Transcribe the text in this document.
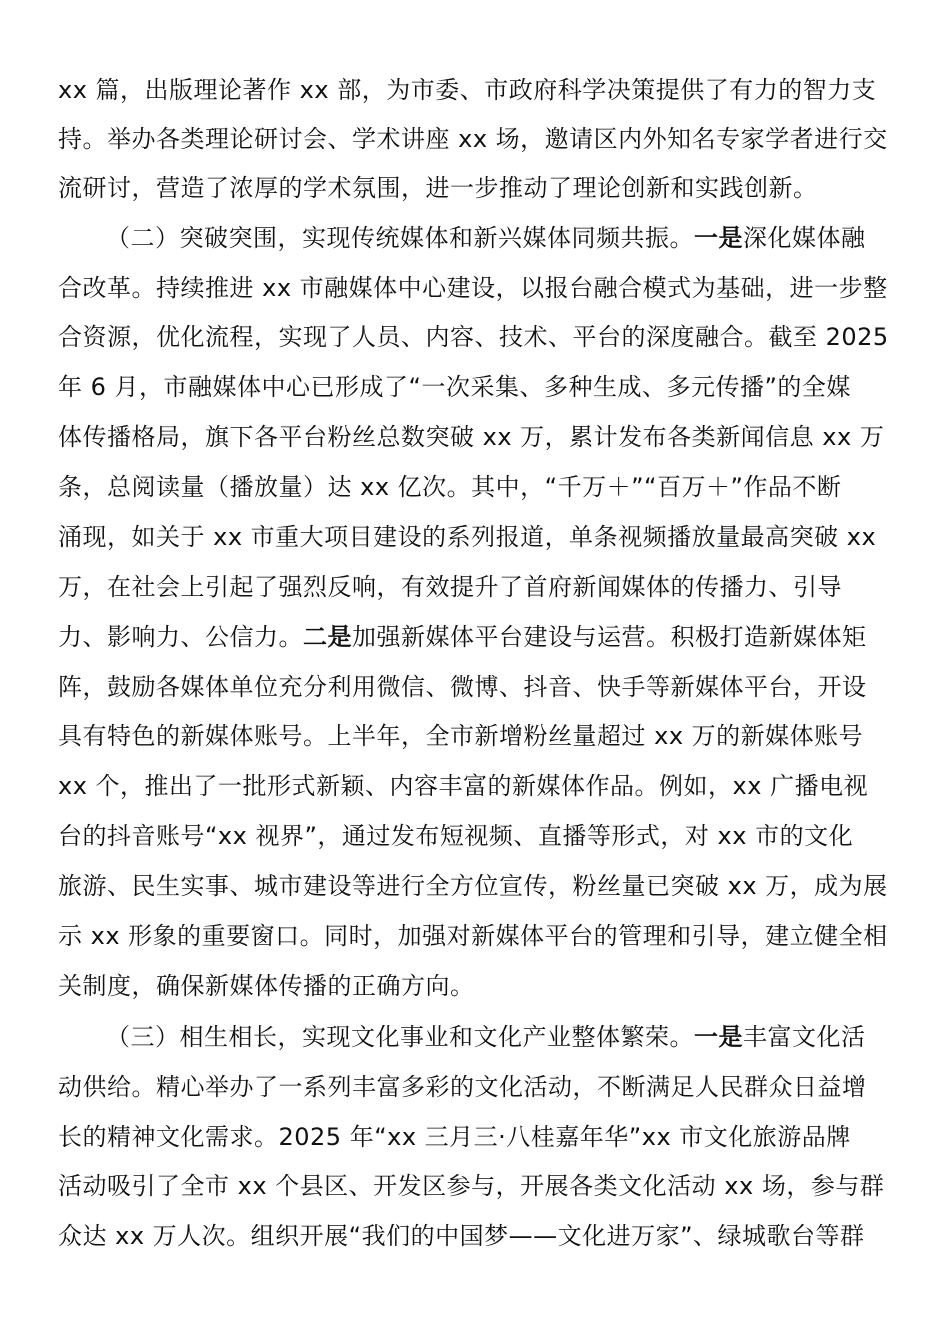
xx 篇，出版理论著作 xx 部，为市委、市政府科学决策提供了有力的智力支
持。举办各类理论研讨会、学术讲座 xx 场，邀请区内外知名专家学者进行交
流研讨，营造了浓厚的学术氛围，进一步推动了理论创新和实践创新。
（二）突破突围，实现传统媒体和新兴媒体同频共振。一是深化媒体融
合改革。持续推进 xx 市融媒体中心建设，以报台融合模式为基础，进一步整
合资源，优化流程，实现了人员、内容、技术、平台的深度融合。截至 2025
年 6 月，市融媒体中心已形成了“一次采集、多种生成、多元传播”的全媒
体传播格局，旗下各平台粉丝总数突破 xx 万，累计发布各类新闻信息 xx 万
条，总阅读量（播放量）达 xx 亿次。其中，“千万＋”“百万＋”作品不断
涌现，如关于 xx 市重大项目建设的系列报道，单条视频播放量最高突破 xx
万，在社会上引起了强烈反响，有效提升了首府新闻媒体的传播力、引导
力、影响力、公信力。二是加强新媒体平台建设与运营。积极打造新媒体矩
阵，鼓励各媒体单位充分利用微信、微博、抖音、快手等新媒体平台，开设
具有特色的新媒体账号。上半年，全市新增粉丝量超过 xx 万的新媒体账号
xx 个，推出了一批形式新颖、内容丰富的新媒体作品。例如，xx 广播电视
台的抖音账号“xx 视界”，通过发布短视频、直播等形式，对 xx 市的文化
旅游、民生实事、城市建设等进行全方位宣传，粉丝量已突破 xx 万，成为展
示 xx 形象的重要窗口。同时，加强对新媒体平台的管理和引导，建立健全相
关制度，确保新媒体传播的正确方向。
（三）相生相长，实现文化事业和文化产业整体繁荣。一是丰富文化活
动供给。精心举办了一系列丰富多彩的文化活动，不断满足人民群众日益增
长的精神文化需求。2025 年“xx 三月三·八桂嘉年华”xx 市文化旅游品牌
活动吸引了全市 xx 个县区、开发区参与，开展各类文化活动 xx 场，参与群
众达 xx 万人次。组织开展“我们的中国梦——文化进万家”、绿城歌台等群
